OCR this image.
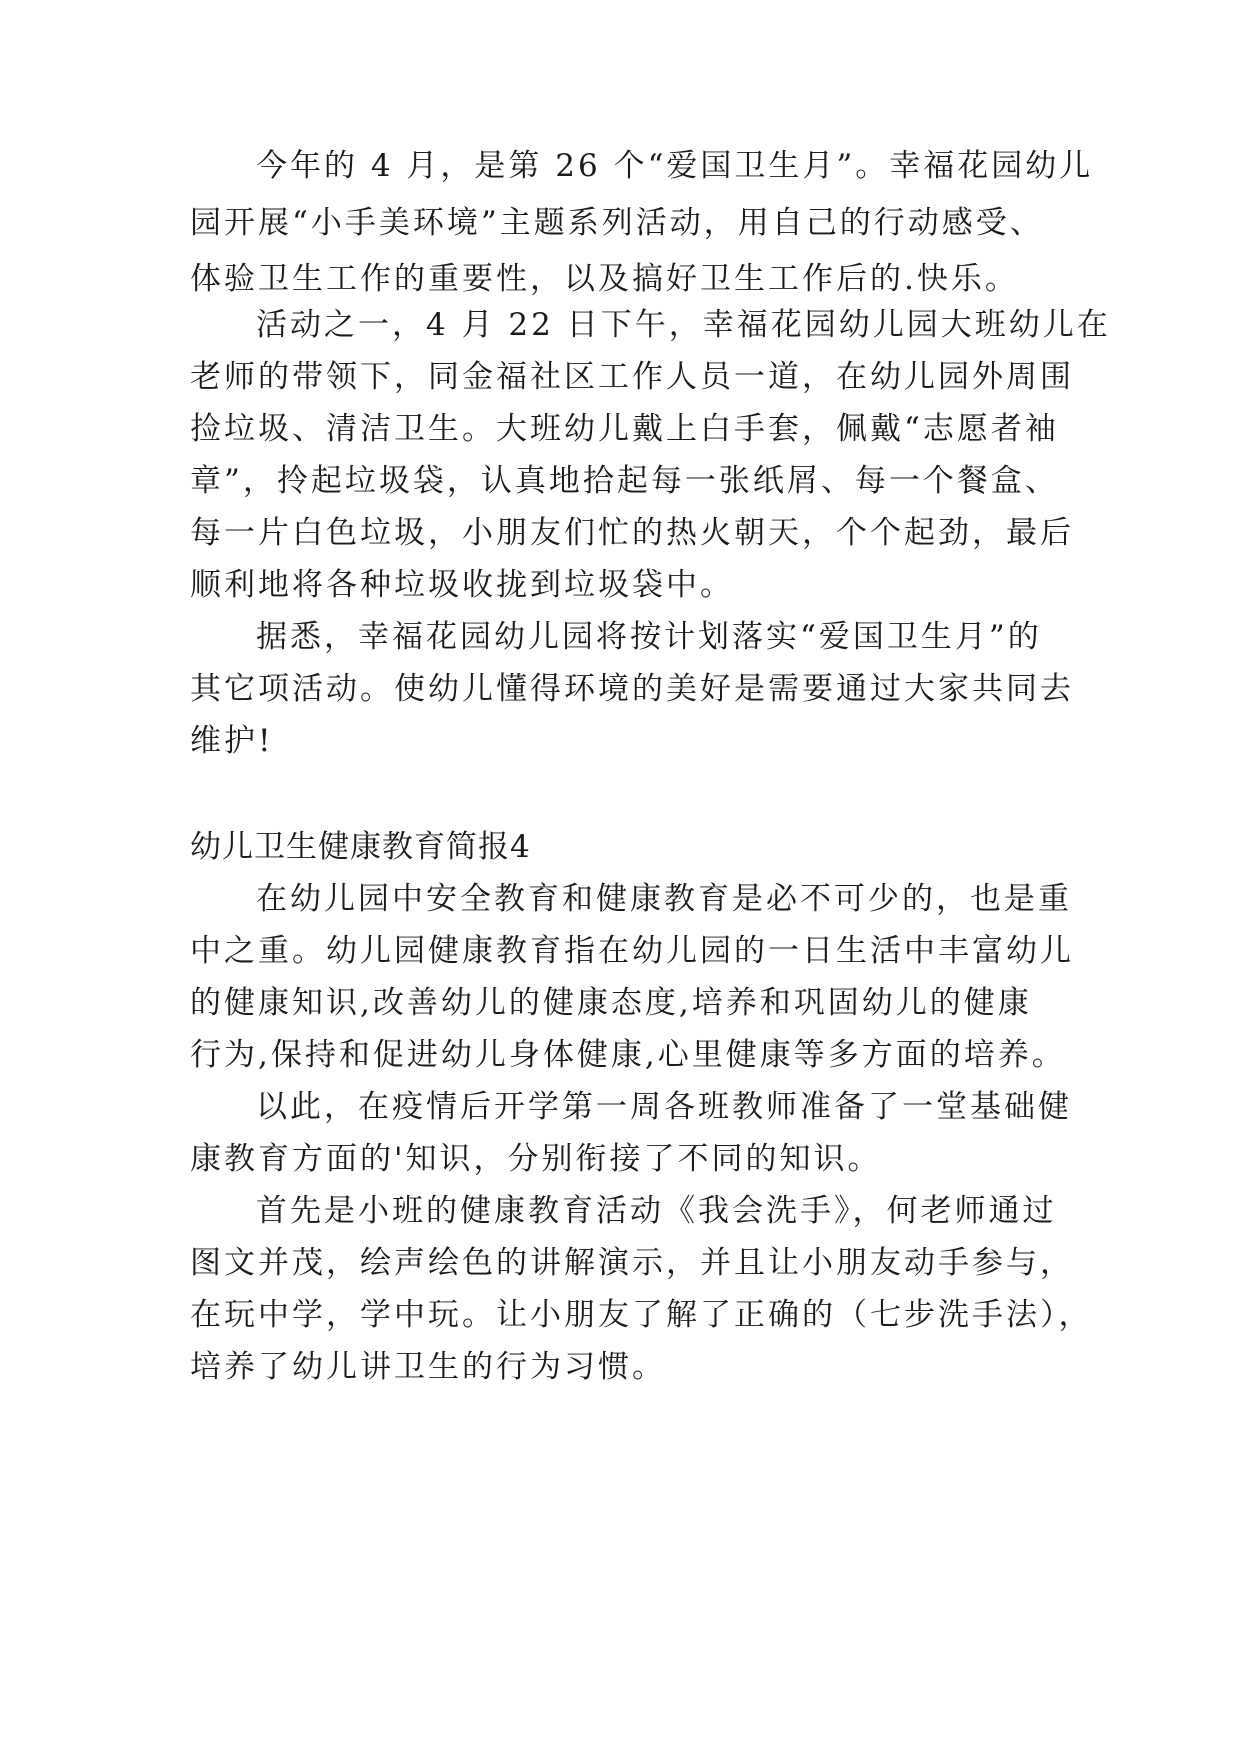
今年的 4 月，是第 26 个“爱国卫生月”。幸福花园幼儿
园开展“小手美环境”主题系列活动，用自己的行动感受、
体验卫生工作的重要性，以及搞好卫生工作后的.快乐。
活动之一，4 月 22 日下午，幸福花园幼儿园大班幼儿在
老师的带领下，同金福社区工作人员一道，在幼儿园外周围
捡垃圾、清洁卫生。大班幼儿戴上白手套，佩戴“志愿者袖
章”，拎起垃圾袋，认真地拾起每一张纸屑、每一个餐盒、
每一片白色垃圾，小朋友们忙的热火朝天，个个起劲，最后
顺利地将各种垃圾收拢到垃圾袋中。
据悉，幸福花园幼儿园将按计划落实“爱国卫生月”的
其它项活动。使幼儿懂得环境的美好是需要通过大家共同去
维护!
幼儿卫生健康教育简报4
在幼儿园中安全教育和健康教育是必不可少的，也是重
中之重。幼儿园健康教育指在幼儿园的一日生活中丰富幼儿
的健康知识,改善幼儿的健康态度,培养和巩固幼儿的健康
行为,保持和促进幼儿身体健康,心里健康等多方面的培养。
以此，在疫情后开学第一周各班教师准备了一堂基础健
康教育方面的'知识，分别衔接了不同的知识。
首先是小班的健康教育活动《我会洗手》，何老师通过
图文并茂，绘声绘色的讲解演示，并且让小朋友动手参与，
在玩中学，学中玩。让小朋友了解了正确的（七步洗手法），
培养了幼儿讲卫生的行为习惯。
